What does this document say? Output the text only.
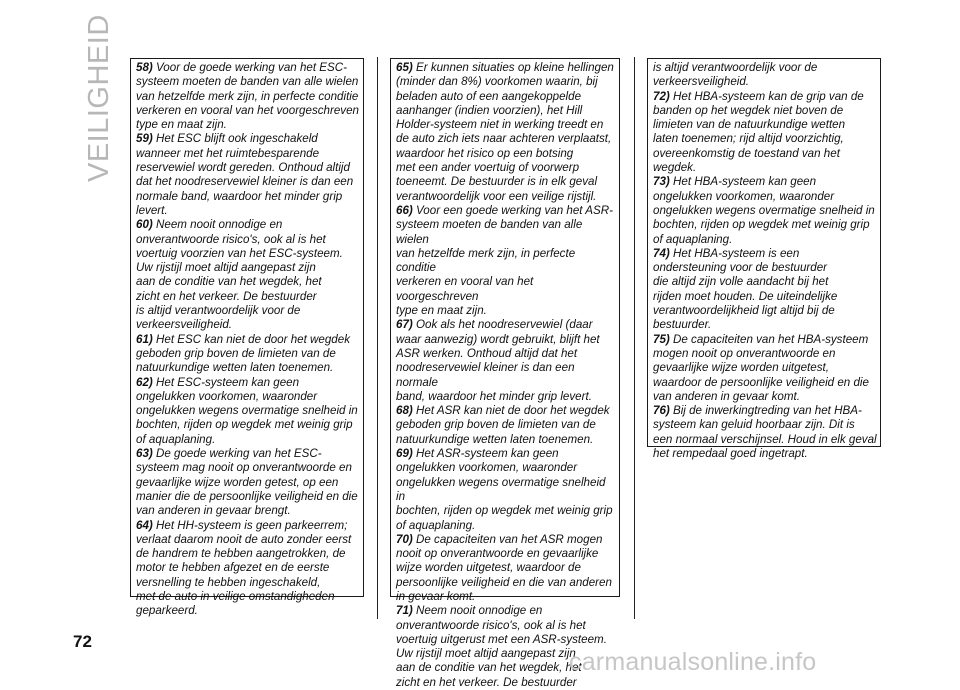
VEILIGHEID 58) Voor de goede werking van het ESC-
systeem moeten de banden van alle wielen
van hetzelfde merk zijn, in perfecte conditie
verkeren en vooral van het voorgeschreven
type en maat zijn.

59) Het ESC blijft ook ingeschakeld
wanneer met het ruimtebesparende
reservewiel wordt gereden. Onthoud altijd
dat het noodreservewiel kleiner is dan een
normale band, waardoor het minder grip
levert.

60) Neem nooit onnodige en
onverantwoorde risico's, ook al is het
voertuig voorzien van het ESC-systeem.
Uw rijstijl moet altijd aangepast zijn
aan de conditie van het wegdek, het
zicht en het verkeer. De bestuurder
is altijd verantwoordelijk voor de
verkeersveiligheid.

61) Het ESC kan niet de door het wegdek
geboden grip boven de limieten van de
natuurkundige wetten laten toenemen.

62) Het ESC-systeem kan geen
ongelukken voorkomen, waaronder
ongelukken wegens overmatige snelheid in
bochten, rijden op wegdek met weinig grip
of aquaplaning.

63) De goede werking van het ESC-
systeem mag nooit op onverantwoorde en
gevaarlijke wijze worden getest, op een
manier die de persoonlijke veiligheid en die
van anderen in gevaar brengt.

64) Het HH-systeem is geen parkeerrem;
verlaat daarom nooit de auto zonder eerst
de handrem te hebben aangetrokken, de
motor te hebben afgezet en de eerste
versnelling te hebben ingeschakeld,
met de auto in veilige omstandigheden
geparkeerd.

65) Er kunnen situaties op kleine hellingen
(minder dan 8%) voorkomen waarin, bij
beladen auto of een aangekoppelde
aanhanger (indien voorzien), het Hill
Holder-systeem niet in werking treedt en
de auto zich iets naar achteren verplaatst,
waardoor het risico op een botsing
met een ander voertuig of voorwerp
toeneemt. De bestuurder is in elk geval
verantwoordelijk voor een veilige rijstijl.

66) Voor een goede werking van het ASR-
systeem moeten de banden van alle wielen
van hetzelfde merk zijn, in perfecte conditie
verkeren en vooral van het voorgeschreven
type en maat zijn.

67) Ook als het noodreservewiel (daar
waar aanwezig) wordt gebruikt, blijft het
ASR werken. Onthoud altijd dat het
noodreservewiel kleiner is dan een normale
band, waardoor het minder grip levert.

68) Het ASR kan niet de door het wegdek
geboden grip boven de limieten van de
natuurkundige wetten laten toenemen.

69) Het ASR-systeem kan geen
ongelukken voorkomen, waaronder
ongelukken wegens overmatige snelheid in
bochten, rijden op wegdek met weinig grip
of aquaplaning.

70) De capaciteiten van het ASR mogen
nooit op onverantwoorde en gevaarlijke
wijze worden uitgetest, waardoor de
persoonlijke veiligheid en die van anderen
in gevaar komt.

71) Neem nooit onnodige en
onverantwoorde risico's, ook al is het
voertuig uitgerust met een ASR-systeem.
Uw rijstijl moet altijd aangepast zijn
aan de conditie van het wegdek, het
zicht en het verkeer. De bestuurder

is altijd verantwoordelijk voor de
verkeersveiligheid.

72) Het HBA-systeem kan de grip van de
banden op het wegdek niet boven de
limieten van de natuurkundige wetten
laten toenemen; rijd altijd voorzichtig,
overeenkomstig de toestand van het
wegdek.

73) Het HBA-systeem kan geen
ongelukken voorkomen, waaronder
ongelukken wegens overmatige snelheid in
bochten, rijden op wegdek met weinig grip
of aquaplaning.

74) Het HBA-systeem is een
ondersteuning voor de bestuurder
die altijd zijn volle aandacht bij het
rijden moet houden. De uiteindelijke
verantwoordelijkheid ligt altijd bij de
bestuurder.

75) De capaciteiten van het HBA-systeem
mogen nooit op onverantwoorde en
gevaarlijke wijze worden uitgetest,
waardoor de persoonlijke veiligheid en die
van anderen in gevaar komt.

76) Bij de inwerkingtreding van het HBA-
systeem kan geluid hoorbaar zijn. Dit is
een normaal verschijnsel. Houd in elk geval
het rempedaal goed ingetrapt.

72
carmanualsonline.info
